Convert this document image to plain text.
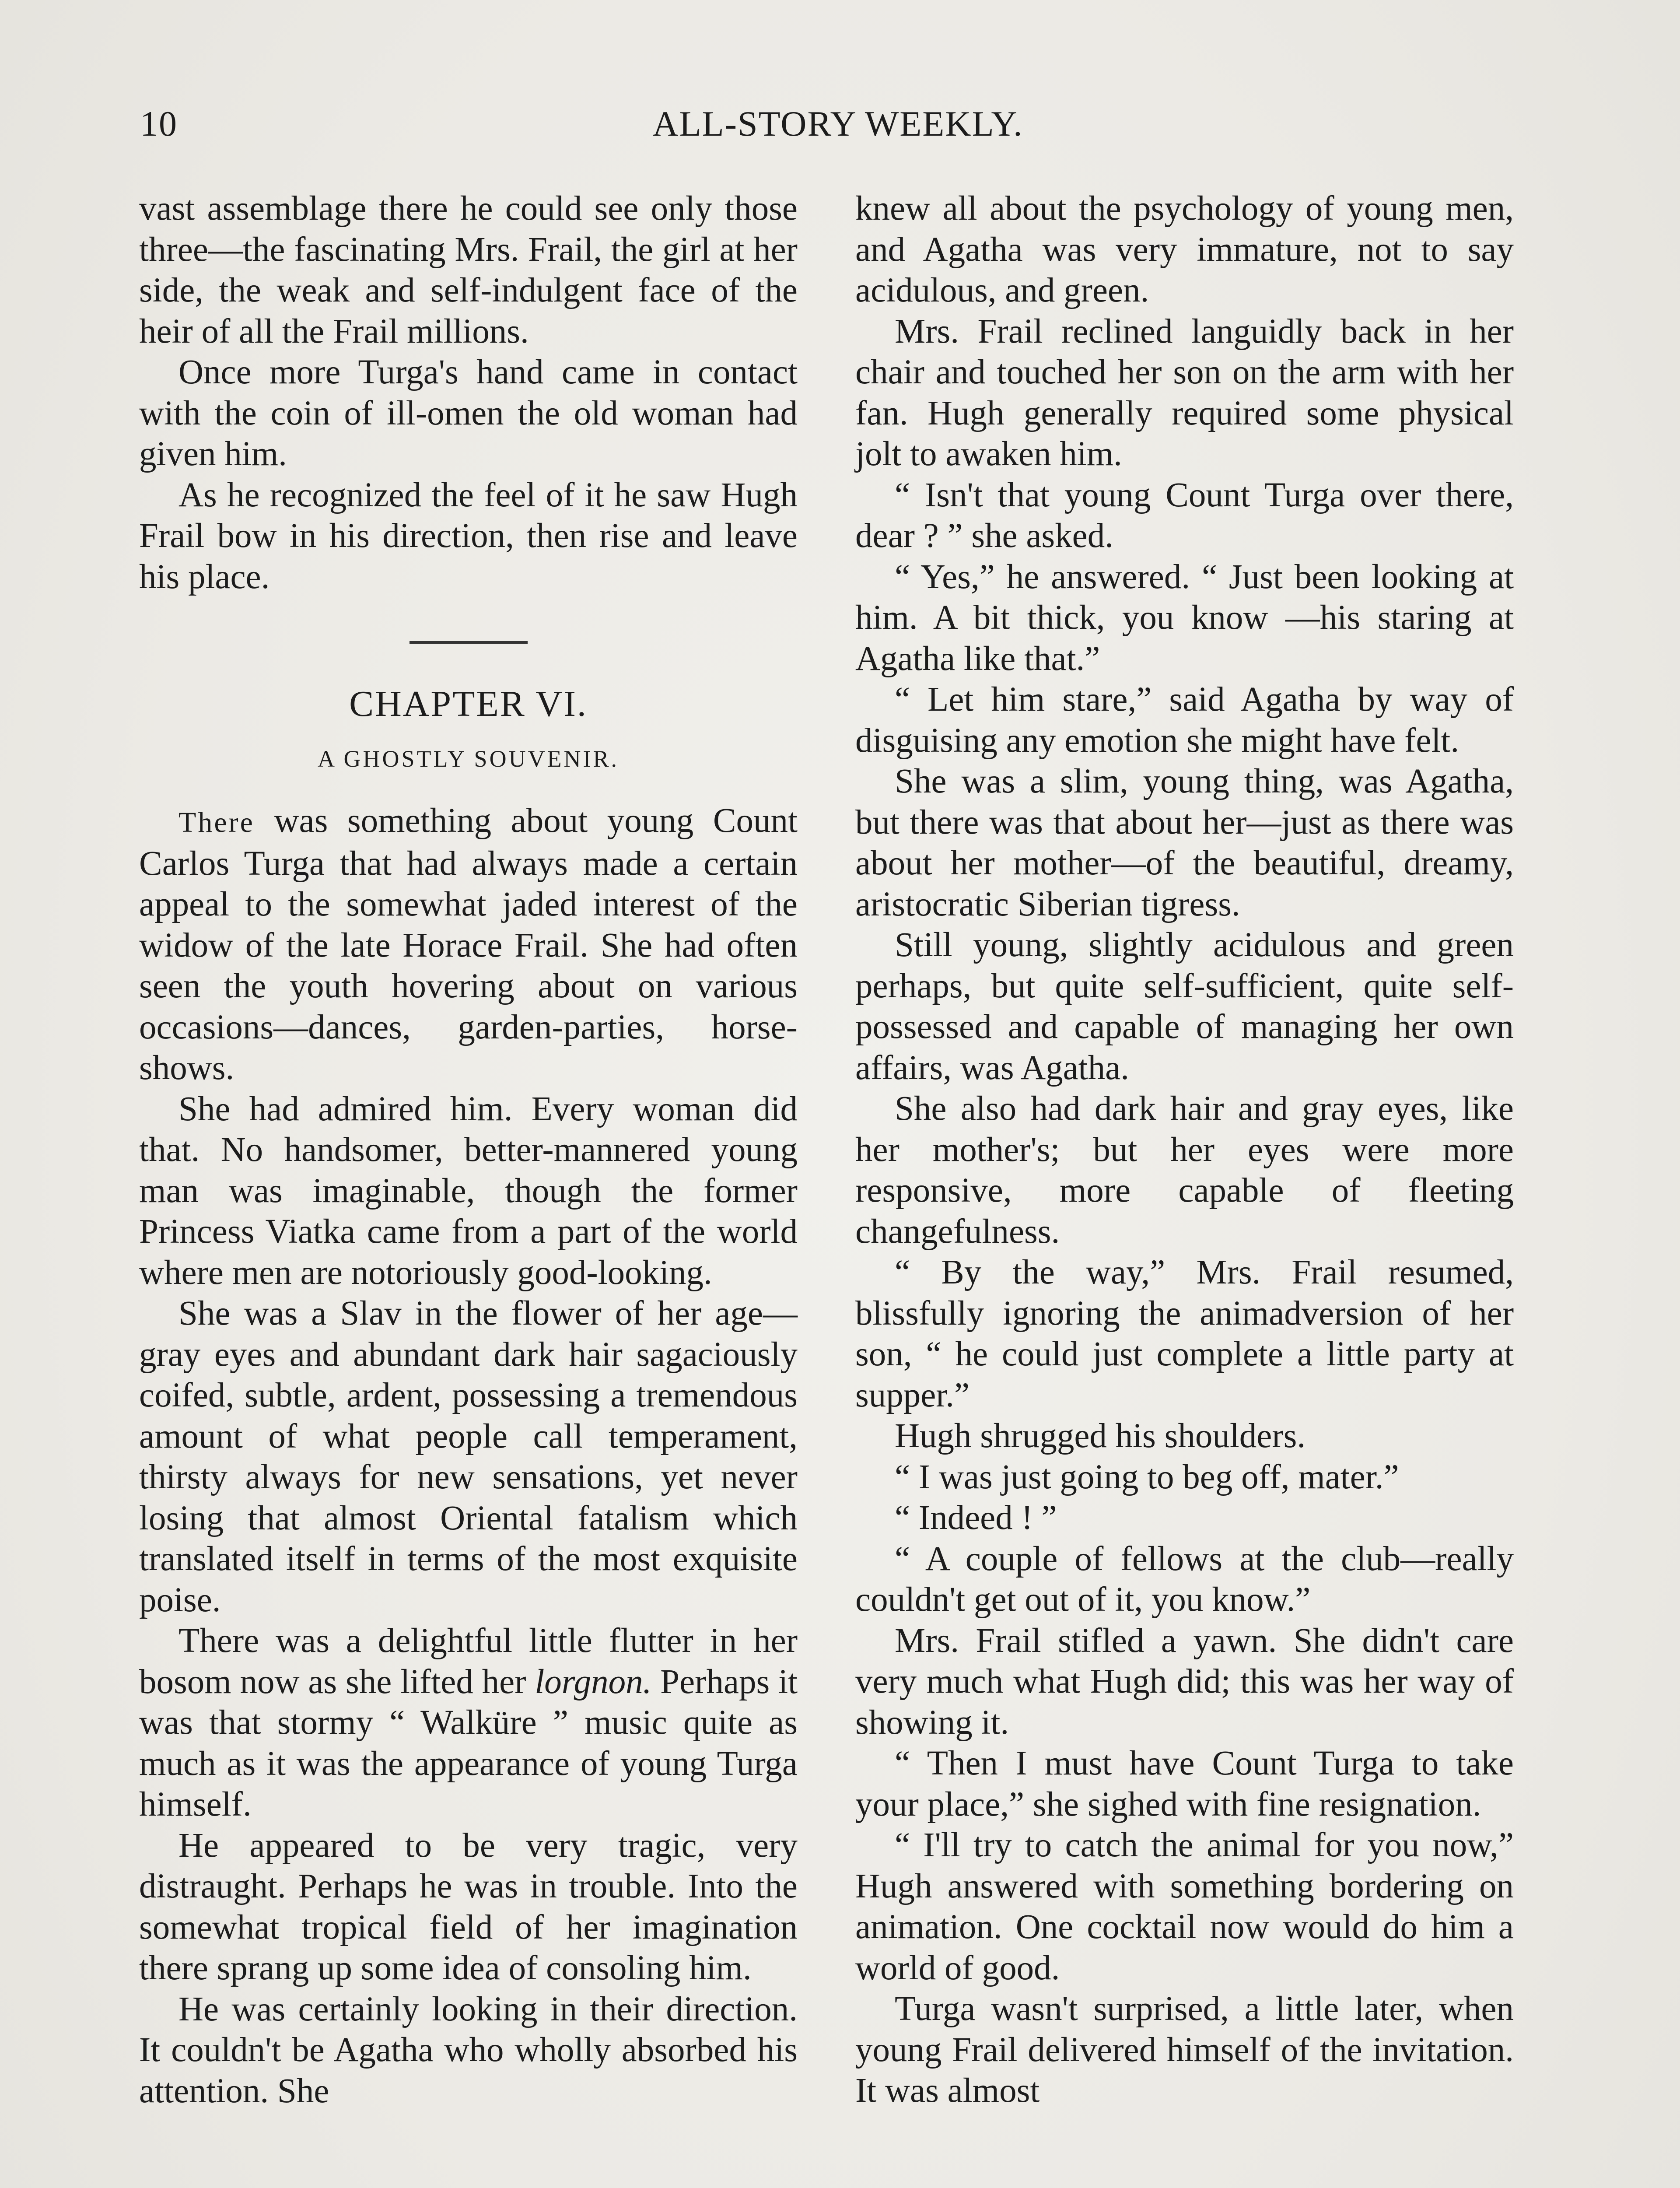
10	ALL-STORY WEEKLY.

vast assemblage there he could see only those three—the fascinating Mrs. Frail, the girl at her side, the weak and self-indulgent face of the heir of all the Frail millions.

Once more Turga's hand came in contact with the coin of ill-omen the old woman had given him.

As he recognized the feel of it he saw Hugh Frail bow in his direction, then rise and leave his place.

CHAPTER VI.
A GHOSTLY SOUVENIR.

There was something about young Count Carlos Turga that had always made a certain appeal to the somewhat jaded interest of the widow of the late Horace Frail. She had often seen the youth hovering about on various occasions—dances, garden-parties, horse-shows.

She had admired him. Every woman did that. No handsomer, better-mannered young man was imaginable, though the former Princess Viatka came from a part of the world where men are notoriously good-looking.

She was a Slav in the flower of her age—gray eyes and abundant dark hair sagaciously coifed, subtle, ardent, possessing a tremendous amount of what people call temperament, thirsty always for new sensations, yet never losing that almost Oriental fatalism which translated itself in terms of the most exquisite poise.

There was a delightful little flutter in her bosom now as she lifted her lorgnon. Perhaps it was that stormy “ Walküre ” music quite as much as it was the appearance of young Turga himself.

He appeared to be very tragic, very distraught. Perhaps he was in trouble. Into the somewhat tropical field of her imagination there sprang up some idea of consoling him.

He was certainly looking in their direction. It couldn't be Agatha who wholly absorbed his attention. She

knew all about the psychology of young men, and Agatha was very immature, not to say acidulous, and green.

Mrs. Frail reclined languidly back in her chair and touched her son on the arm with her fan. Hugh generally required some physical jolt to awaken him.

“ Isn't that young Count Turga over there, dear ? ” she asked.

“ Yes,” he answered. “ Just been looking at him. A bit thick, you know —his staring at Agatha like that.”

“ Let him stare,” said Agatha by way of disguising any emotion she might have felt.

She was a slim, young thing, was Agatha, but there was that about her—just as there was about her mother—of the beautiful, dreamy, aristocratic Siberian tigress.

Still young, slightly acidulous and green perhaps, but quite self-sufficient, quite self-possessed and capable of managing her own affairs, was Agatha.

She also had dark hair and gray eyes, like her mother's; but her eyes were more responsive, more capable of fleeting changefulness.

“ By the way,” Mrs. Frail resumed, blissfully ignoring the animadversion of her son, “ he could just complete a little party at supper.”

Hugh shrugged his shoulders.

“ I was just going to beg off, mater.”

“ Indeed ! ”

“ A couple of fellows at the club—really couldn't get out of it, you know.”

Mrs. Frail stifled a yawn. She didn't care very much what Hugh did; this was her way of showing it.

“ Then I must have Count Turga to take your place,” she sighed with fine resignation.

“ I'll try to catch the animal for you now,” Hugh answered with something bordering on animation. One cocktail now would do him a world of good.

Turga wasn't surprised, a little later, when young Frail delivered himself of the invitation. It was almost
